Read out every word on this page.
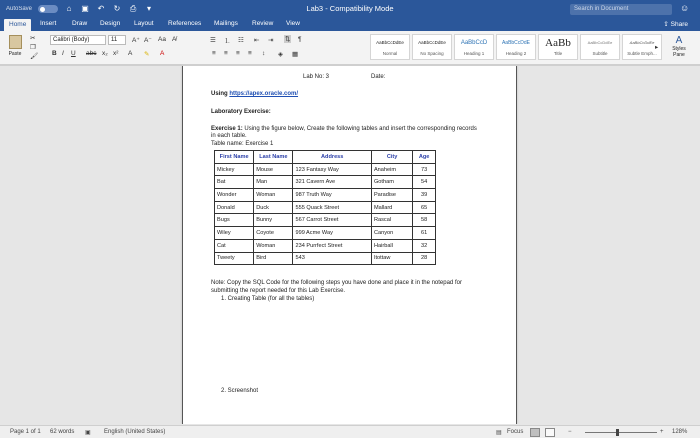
AutoSave	⌂	▣ ↶ ↻ ⎙	▾	Lab3 - Compatibility Mode	Search in Document	☺
Home	Insert Draw Design Layout References Mailings Review View	⇪ Share
Paste
✂
❐
🖌
Calibri (Body)	11	A⁺ A⁻ Aa A̸
B I U abc x₂ x² A ✎ A
☰ ⒈ ☷ ⇤ ⇥ ⇅ ¶
≡ ≡ ≡ ≡ ↕ ◈ ▦
AaBbCcDdEe
Normal
AaBbCcDdEe
No Spacing
AaBbCcD
Heading 1
AaBbCcDdE
Heading 2
AaBb
Title
AaBbCcDdEe
Subtitle
AaBbCcDdEe
Subtle Emph...
▸
A
Styles Pane
Lab No: 3	Date:
Using https://apex.oracle.com/
Laboratory Exercise:
Exercise 1: Using the figure below, Create the following tables and insert the corresponding records
in each table.
Table name: Exercise 1
First Name	Last Name	Address	City	Age
Mickey	Mouse	123 Fantasy Way	Anaheim	73
Bat	Man	321 Cavern Ave	Gotham	54
Wonder	Woman	987 Truth Way	Paradise	39
Donald	Duck	555 Quack Street	Mallard	65
Bugs	Bunny	567 Carrot Street	Rascal	58
Wiley	Coyote	999 Acme Way	Canyon	61
Cat	Woman	234 Purrfect Street	Hairball	32
Tweety	Bird	543	Itottaw	28
Note: Copy the SQL Code for the following steps you have done and place it in the notepad for
submitting the report needed for this Lab Exercise.
1. Creating Table (for all the tables)
2. Screenshot
Page 1 of 1 62 words ▣ English (United States)	▤ Focus	−	+ 128%
